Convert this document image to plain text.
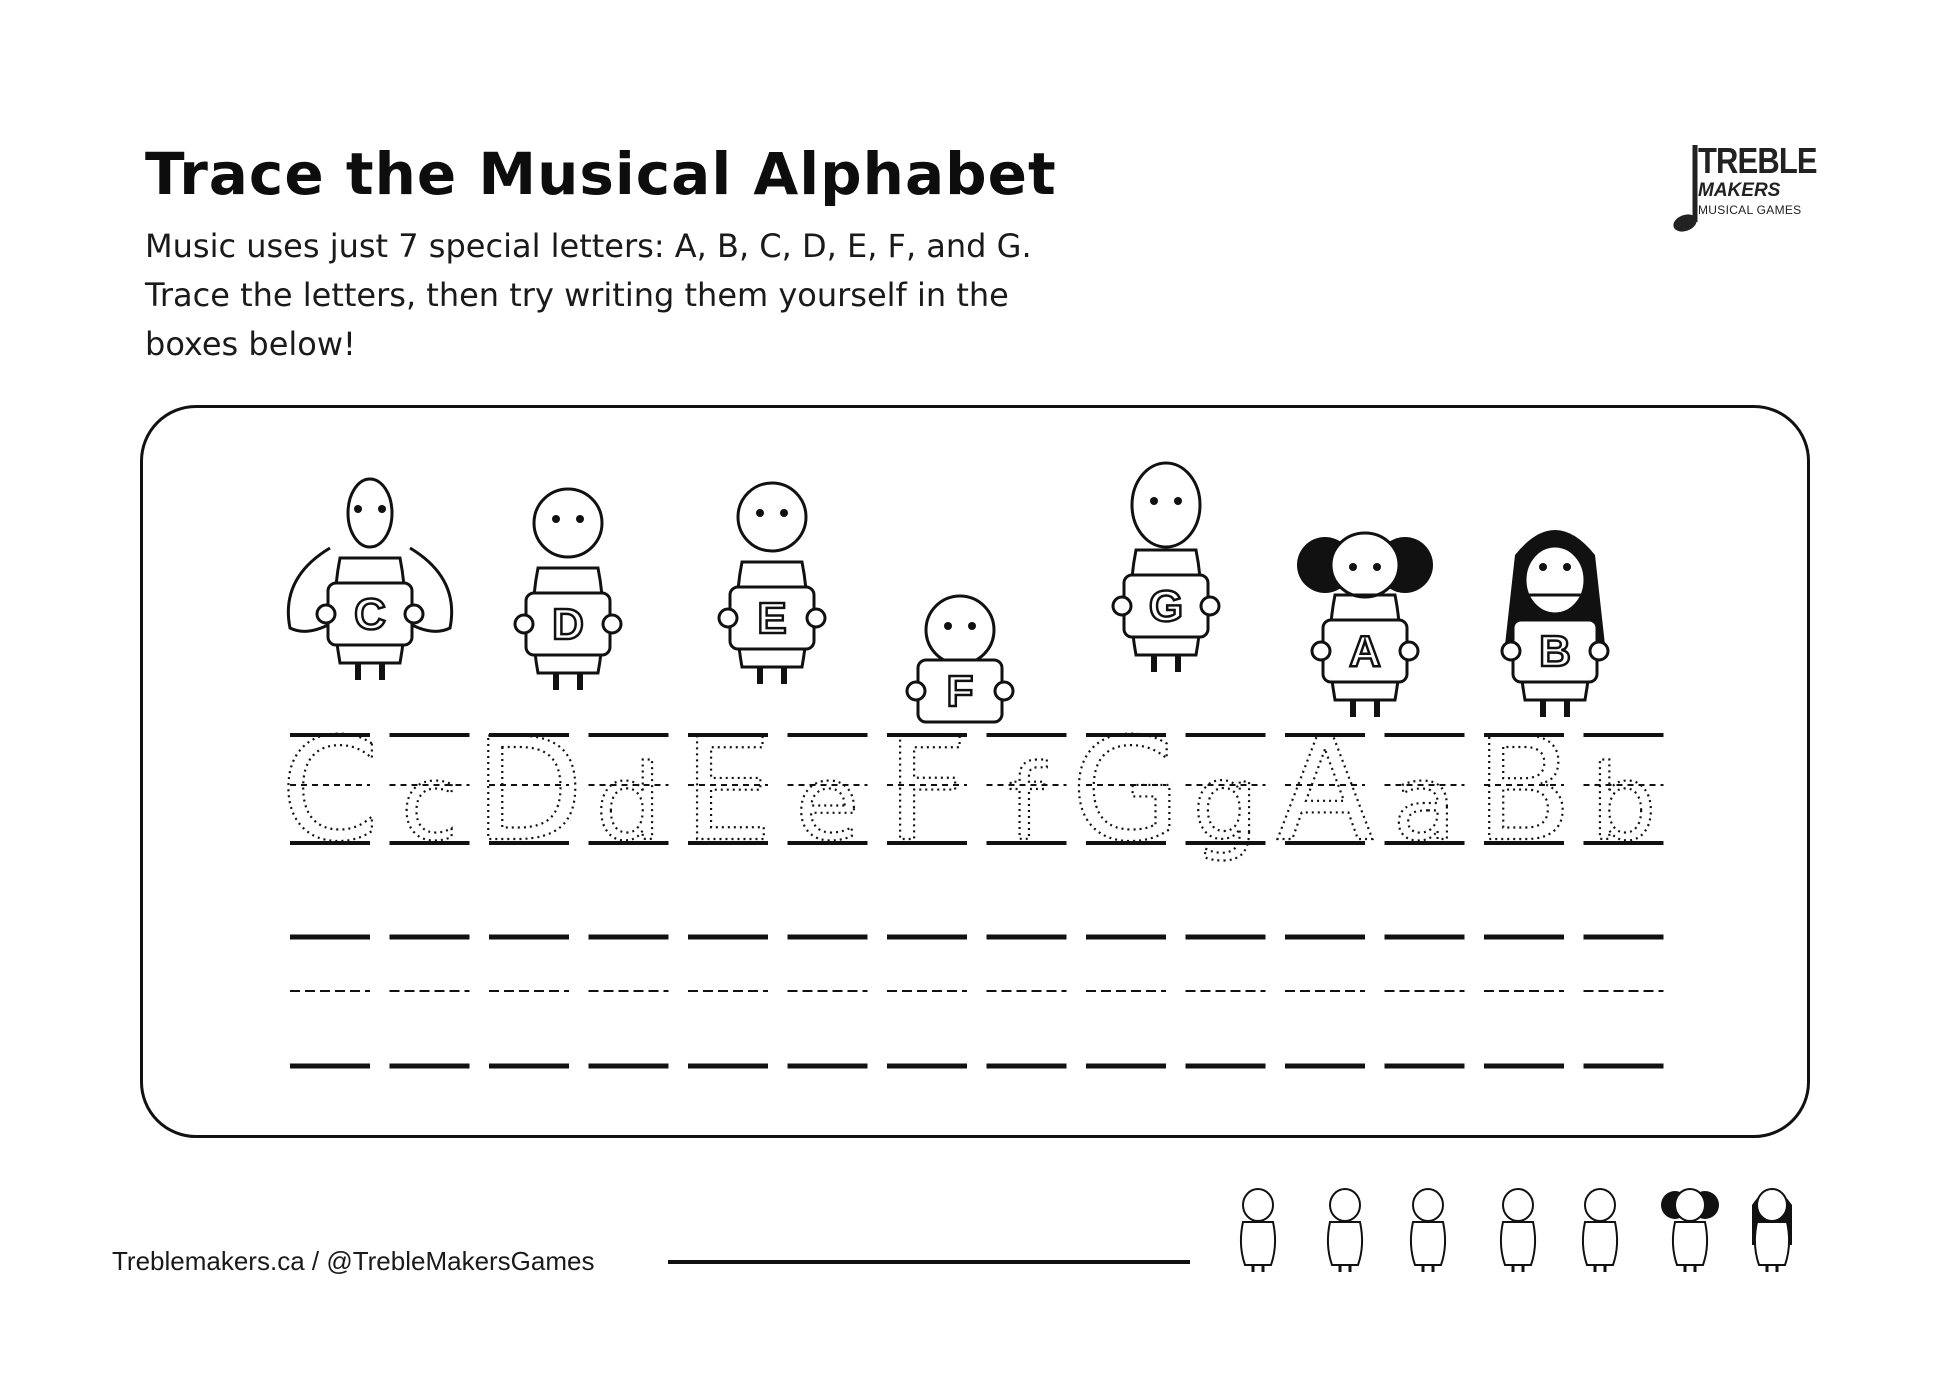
Trace the Musical Alphabet
Music uses just 7 special letters: A, B, C, D, E, F, and G.
Trace the letters, then try writing them yourself in the
boxes below!
TREBLE
MAKERS
MUSICAL GAMES
C	D	E
F
G
A	B
C c D d E e F f G g A a B b
Treblemakers.ca / @TrebleMakersGames
